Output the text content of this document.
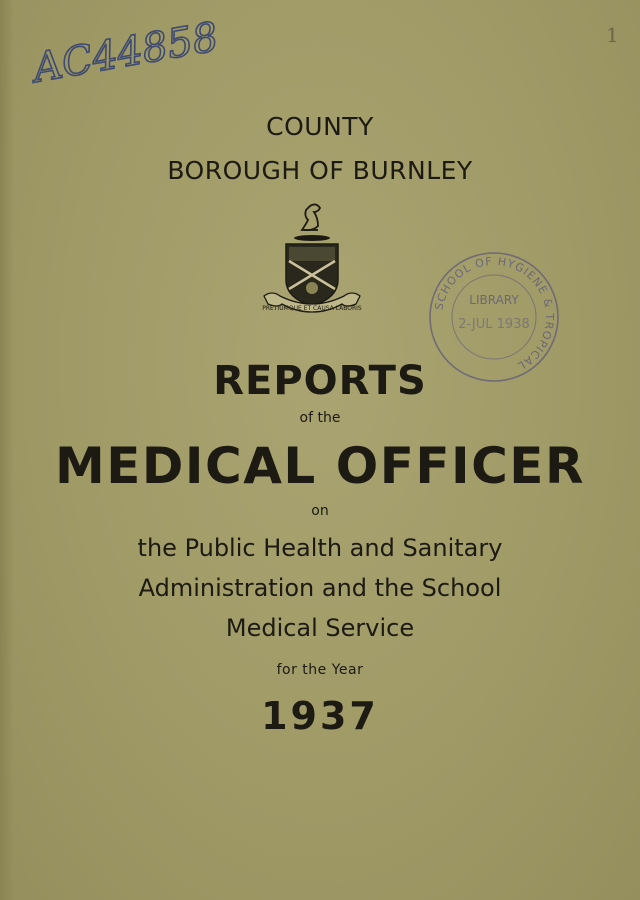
AC44858	1
COUNTY
BOROUGH OF BURNLEY
PRETIUMQUE ET CAUSA LABORIS	SCHOOL OF HYGIENE & TROPICAL
LIBRARY
2-JUL 1938
REPORTS
of the
MEDICAL OFFICER
on
the Public Health and Sanitary
Administration and the School
Medical Service
for the Year
1937
